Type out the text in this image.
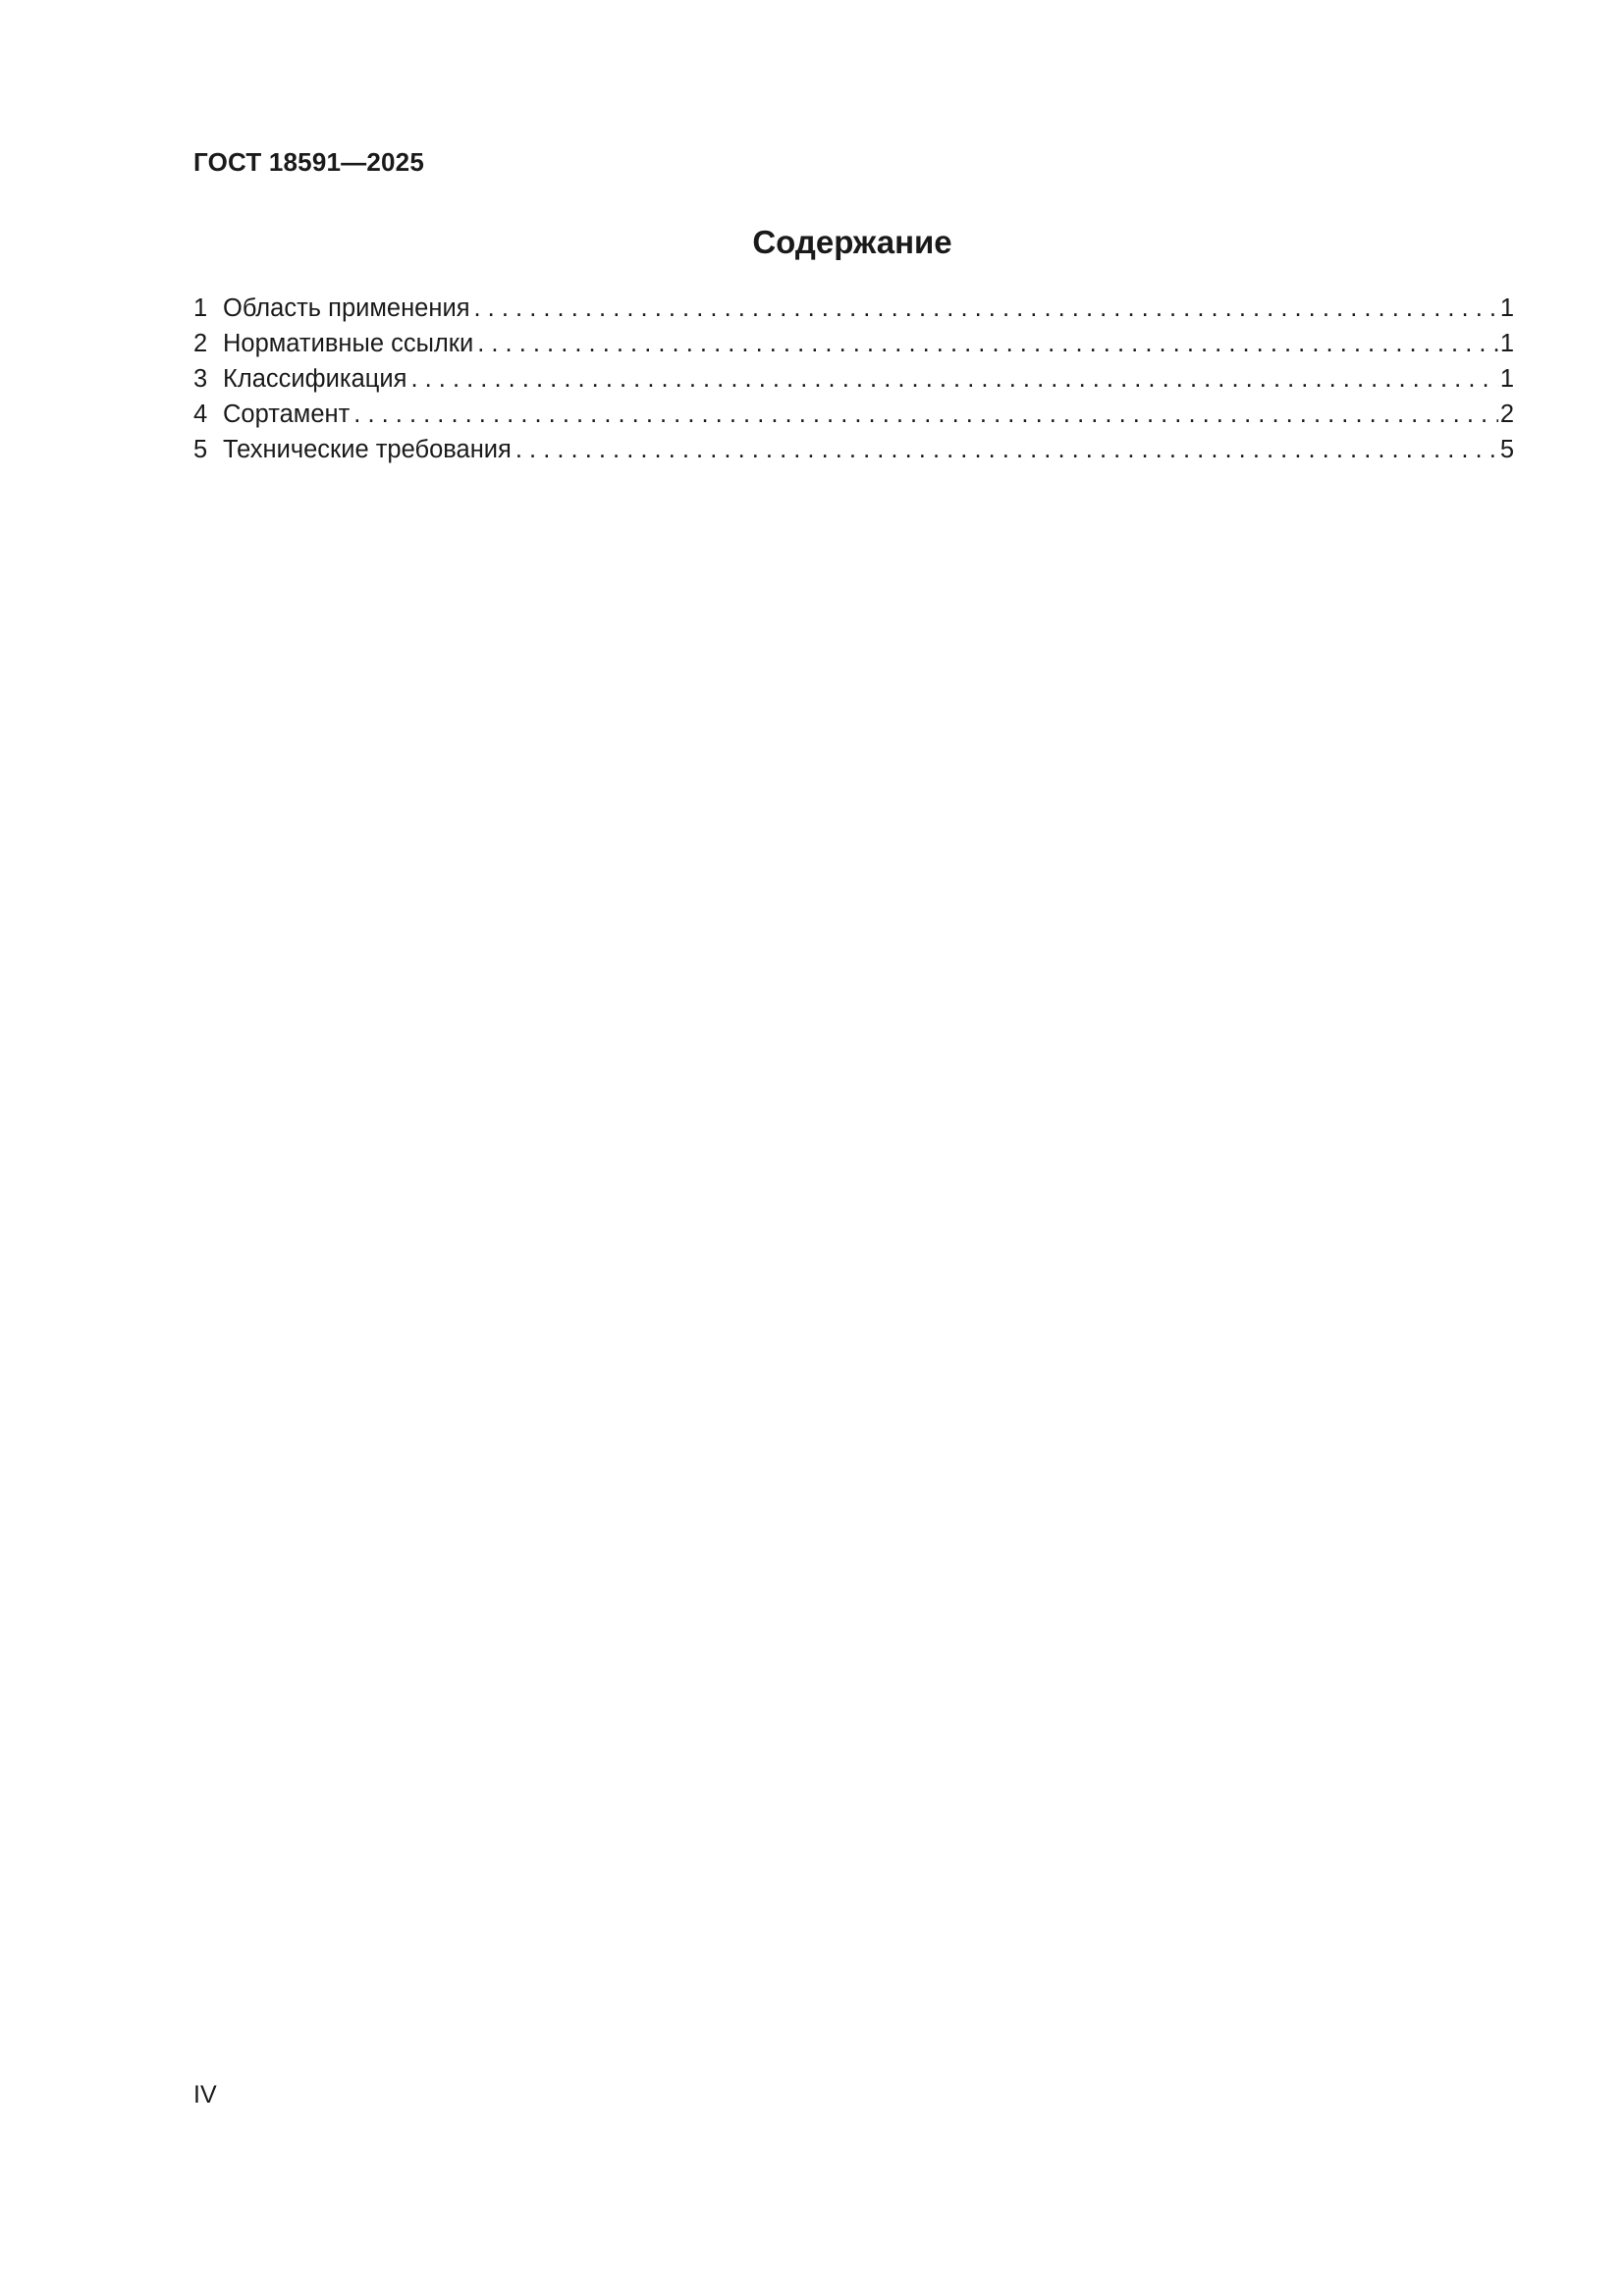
ГОСТ 18591—2025
Содержание
1 Область применения . . .	1
2 Нормативные ссылки . . .	1
3 Классификация . . .	1
4 Сортамент . . .	2
5 Технические требования . . .	5
IV
